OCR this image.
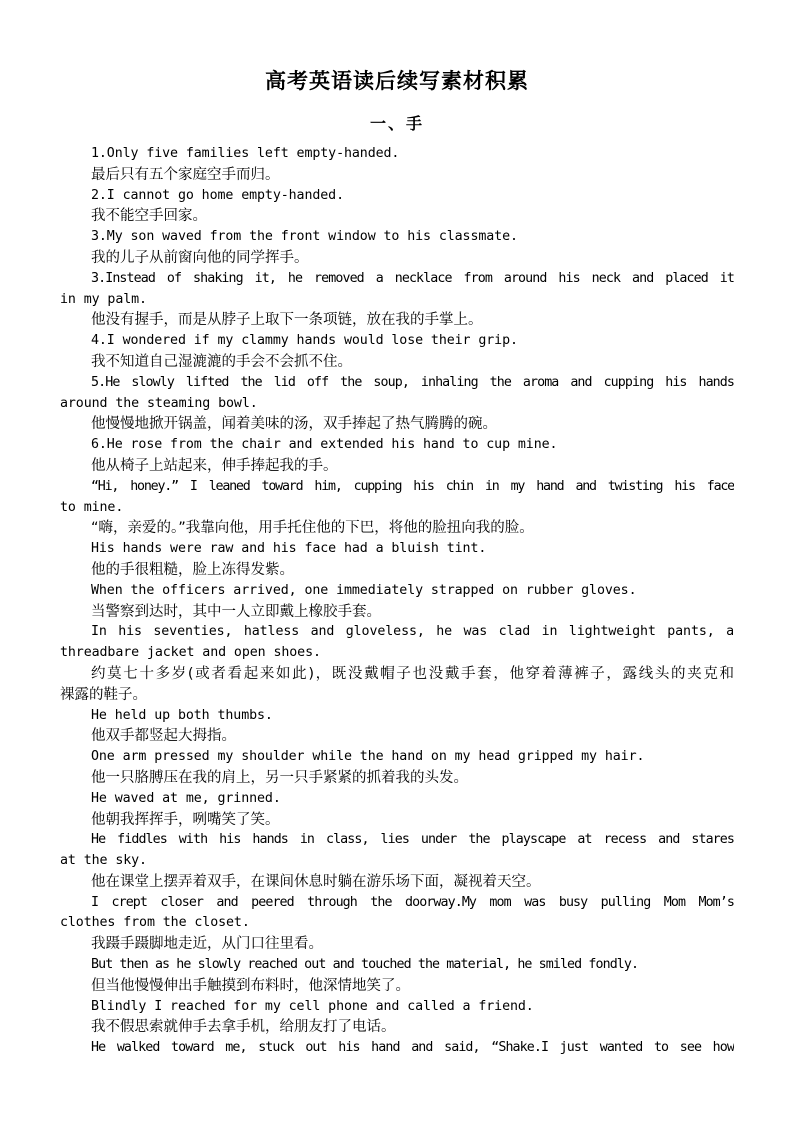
高考英语读后续写素材积累
一、手
1.Only five families left empty-handed.
最后只有五个家庭空手而归。
2.I cannot go home empty-handed.
我不能空手回家。
3.My son waved from the front window to his classmate.
我的儿子从前窗向他的同学挥手。
3.Instead of shaking it, he removed a necklace from around his neck and placed it
in my palm.
他没有握手，而是从脖子上取下一条项链，放在我的手掌上。
4.I wondered if my clammy hands would lose their grip.
我不知道自己湿漉漉的手会不会抓不住。
5.He slowly lifted the lid off the soup, inhaling the aroma and cupping his hands
around the steaming bowl.
他慢慢地掀开锅盖，闻着美味的汤，双手捧起了热气腾腾的碗。
6.He rose from the chair and extended his hand to cup mine.
他从椅子上站起来，伸手捧起我的手。
“Hi, honey.” I leaned toward him, cupping his chin in my hand and twisting his face
to mine.
“嗨，亲爱的。”我靠向他，用手托住他的下巴，将他的脸扭向我的脸。
His hands were raw and his face had a bluish tint.
他的手很粗糙，脸上冻得发紫。
When the officers arrived, one immediately strapped on rubber gloves.
当警察到达时，其中一人立即戴上橡胶手套。
In his seventies, hatless and gloveless, he was clad in lightweight pants, a
threadbare jacket and open shoes.
约莫七十多岁(或者看起来如此)，既没戴帽子也没戴手套，他穿着薄裤子，露线头的夹克和
裸露的鞋子。
He held up both thumbs.
他双手都竖起大拇指。
One arm pressed my shoulder while the hand on my head gripped my hair.
他一只胳膊压在我的肩上，另一只手紧紧的抓着我的头发。
He waved at me, grinned.
他朝我挥挥手，咧嘴笑了笑。
He fiddles with his hands in class, lies under the playscape at recess and stares
at the sky.
他在课堂上摆弄着双手，在课间休息时躺在游乐场下面，凝视着天空。
I crept closer and peered through the doorway.My mom was busy pulling Mom Mom’s
clothes from the closet.
我蹑手蹑脚地走近，从门口往里看。
But then as he slowly reached out and touched the material, he smiled fondly.
但当他慢慢伸出手触摸到布料时，他深情地笑了。
Blindly I reached for my cell phone and called a friend.
我不假思索就伸手去拿手机，给朋友打了电话。
He walked toward me, stuck out his hand and said, “Shake.I just wanted to see how
